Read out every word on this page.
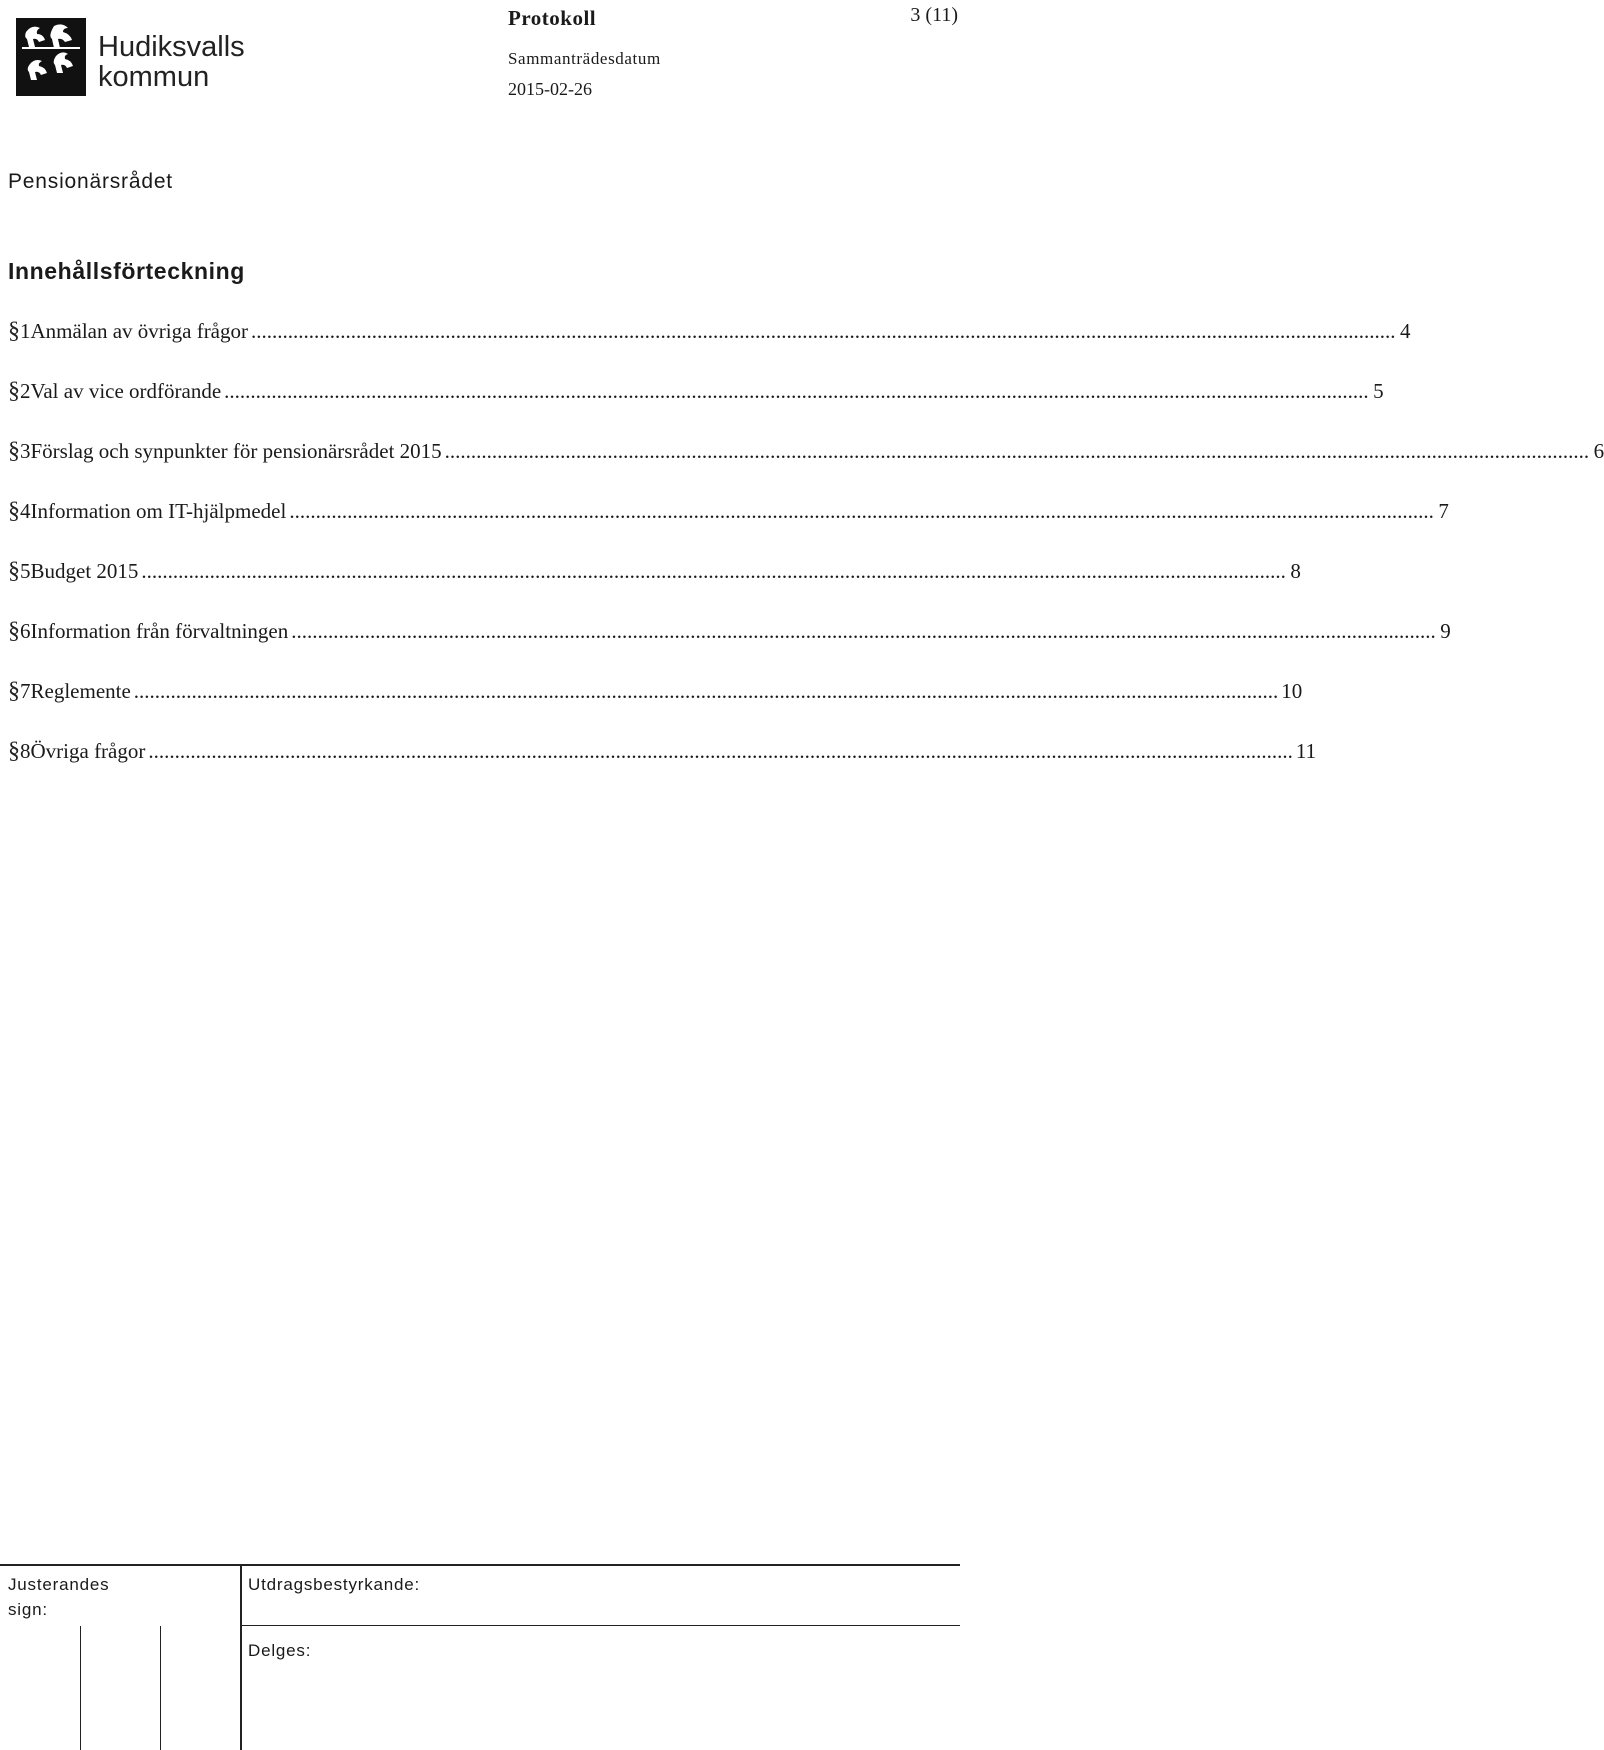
Hudiksvalls
kommun
Protokoll	3 (11)
Sammanträdesdatum
2015-02-26
Pensionärsrådet
Innehållsförteckning
§ 1 Anmälan av övriga frågor .......................................................................................................................................................................................................................... 4
§ 2 Val av vice ordförande .......................................................................................................................................................................................................................... 5
§ 3 Förslag och synpunkter för pensionärsrådet 2015 .......................................................................................................................................................................................................................... 6
§ 4 Information om IT-hjälpmedel .......................................................................................................................................................................................................................... 7
§ 5 Budget 2015 .......................................................................................................................................................................................................................... 8
§ 6 Information från förvaltningen .......................................................................................................................................................................................................................... 9
§ 7 Reglemente .......................................................................................................................................................................................................................... 10
§ 8 Övriga frågor .......................................................................................................................................................................................................................... 11
Justerandes
sign:
Utdragsbestyrkande:
Delges:
